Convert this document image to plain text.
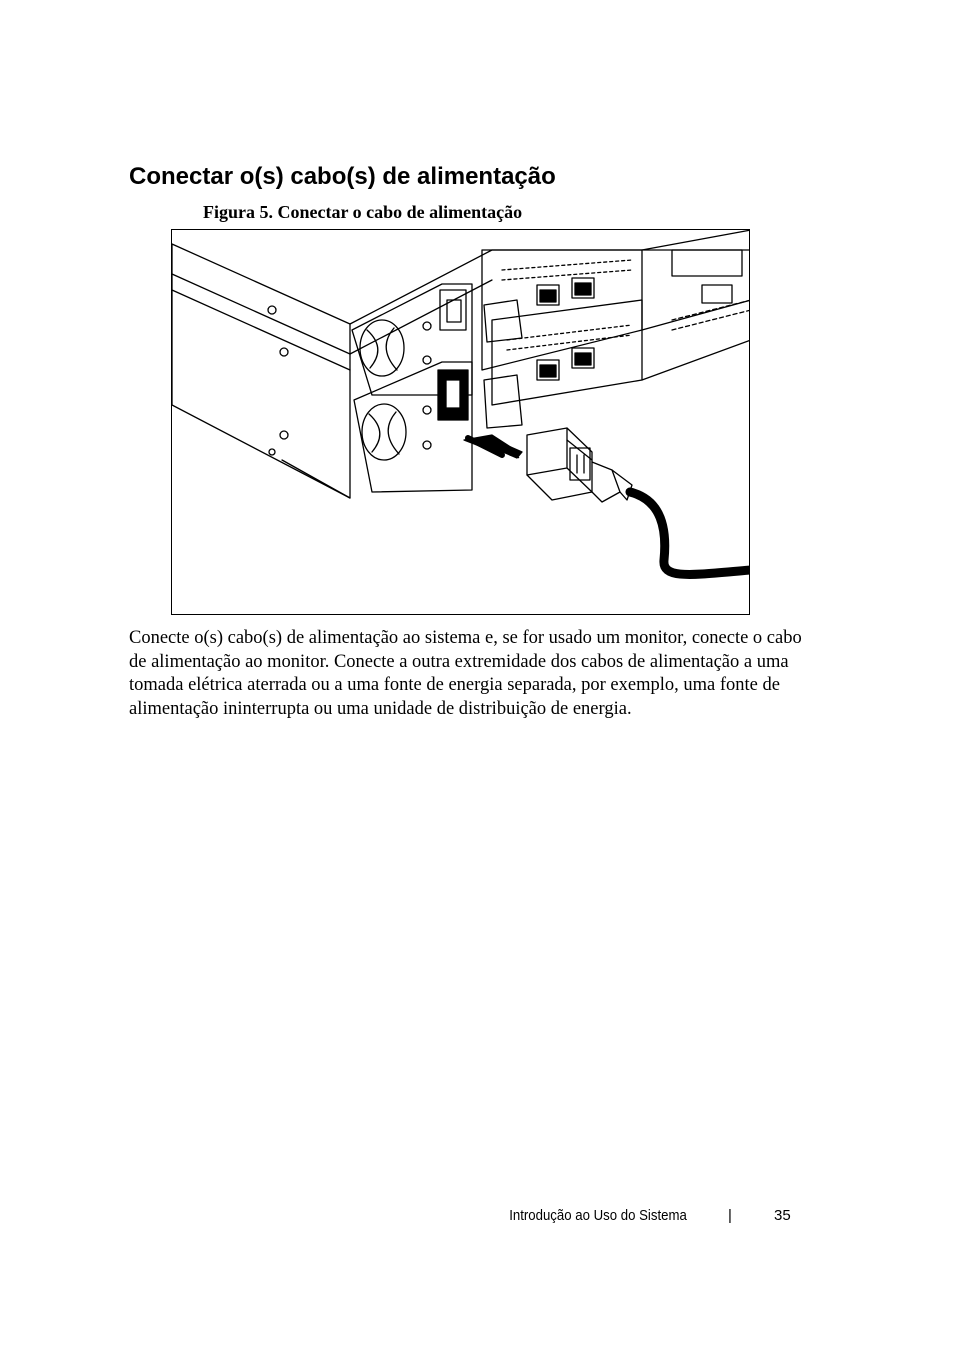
Conectar o(s) cabo(s) de alimentação

Figura 5. Conectar o cabo de alimentação

Conecte o(s) cabo(s) de alimentação ao sistema e, se for usado um monitor, conecte o cabo de alimentação ao monitor. Conecte a outra extremidade dos cabos de alimentação a uma tomada elétrica aterrada ou a uma fonte de energia separada, por exemplo, uma fonte de alimentação ininterrupta ou uma unidade de distribuição de energia.

Introdução ao Uso do Sistema	|	35
